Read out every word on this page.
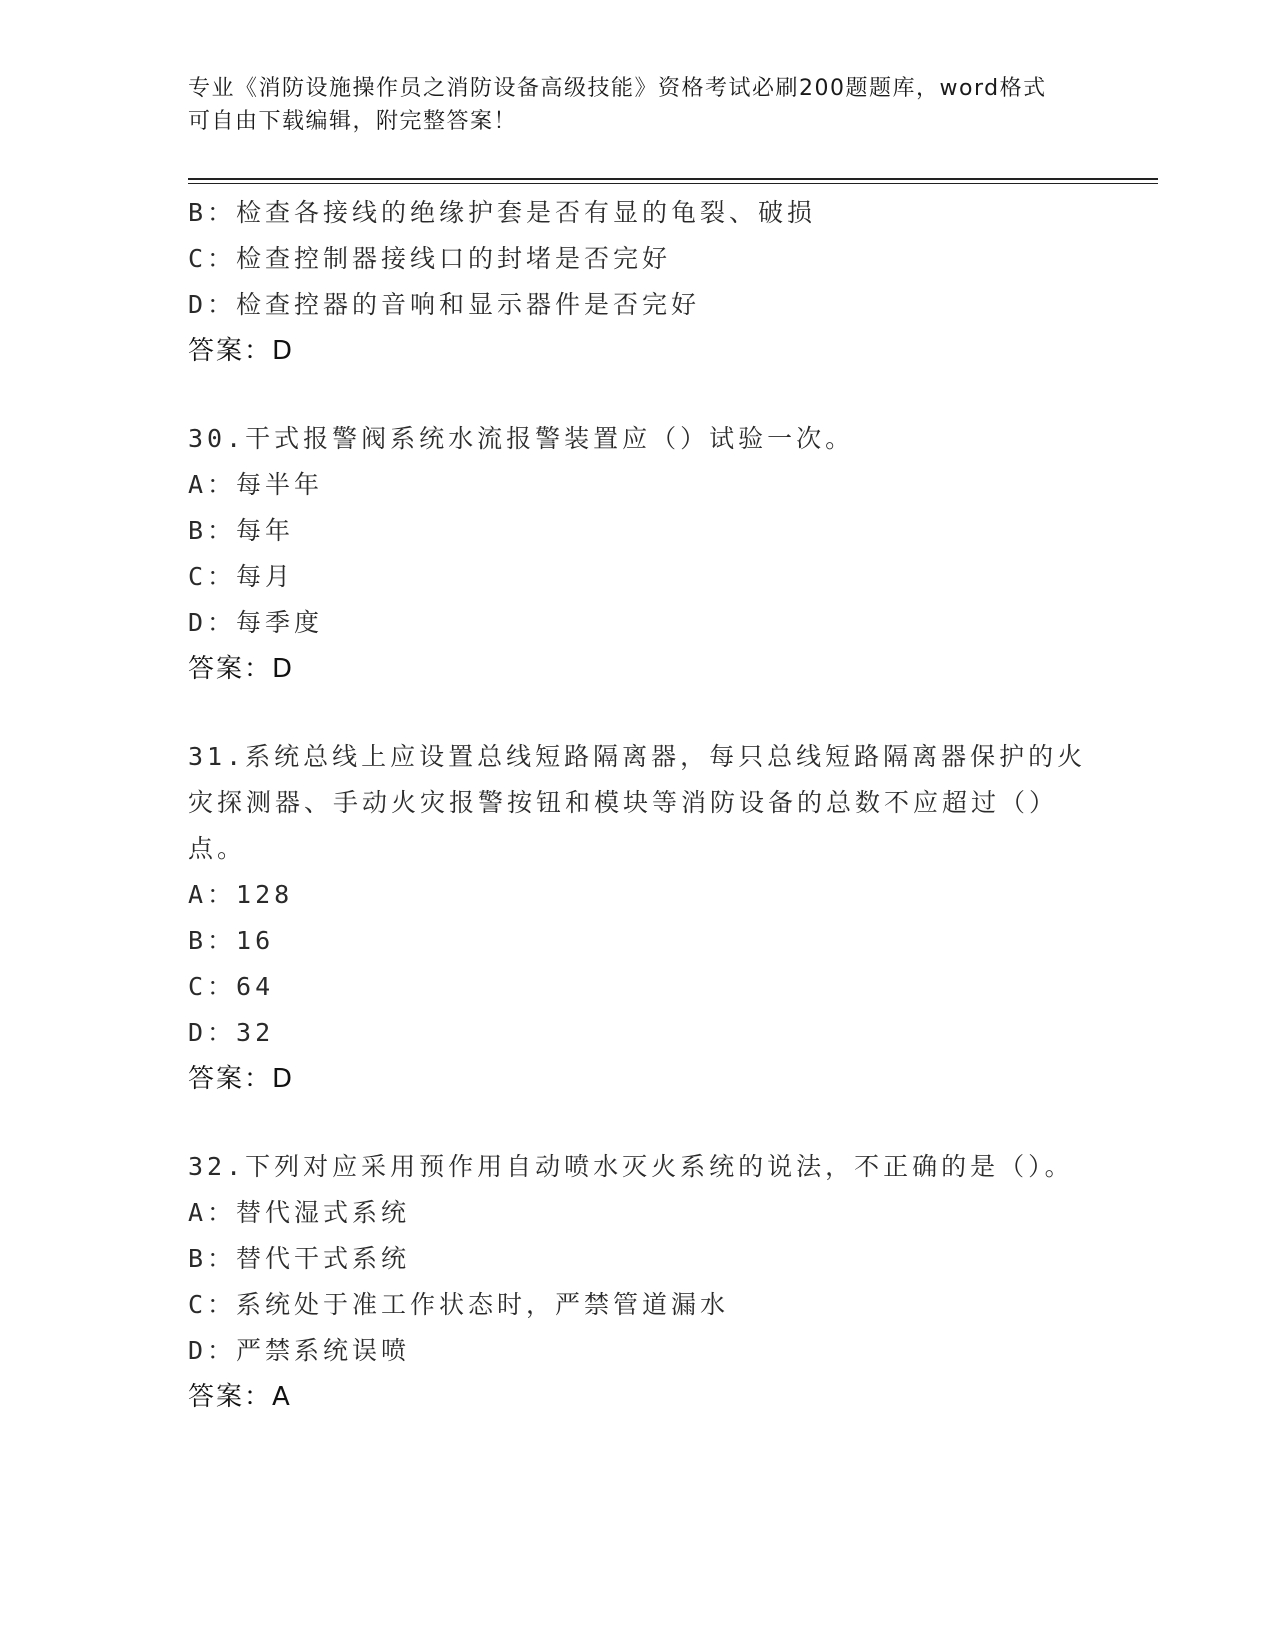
专业《消防设施操作员之消防设备高级技能》资格考试必刷200题题库，word格式可自由下载编辑，附完整答案！
B：检查各接线的绝缘护套是否有显的龟裂、破损
C：检查控制器接线口的封堵是否完好
D：检查控器的音响和显示器件是否完好
答案：D
30.干式报警阀系统水流报警装置应（）试验一次。
A：每半年
B：每年
C：每月
D：每季度
答案：D
31.系统总线上应设置总线短路隔离器，每只总线短路隔离器保护的火灾探测器、手动火灾报警按钮和模块等消防设备的总数不应超过（）点。
A：128
B：16
C：64
D：32
答案：D
32.下列对应采用预作用自动喷水灭火系统的说法，不正确的是（）。
A：替代湿式系统
B：替代干式系统
C：系统处于准工作状态时，严禁管道漏水
D：严禁系统误喷
答案：A
